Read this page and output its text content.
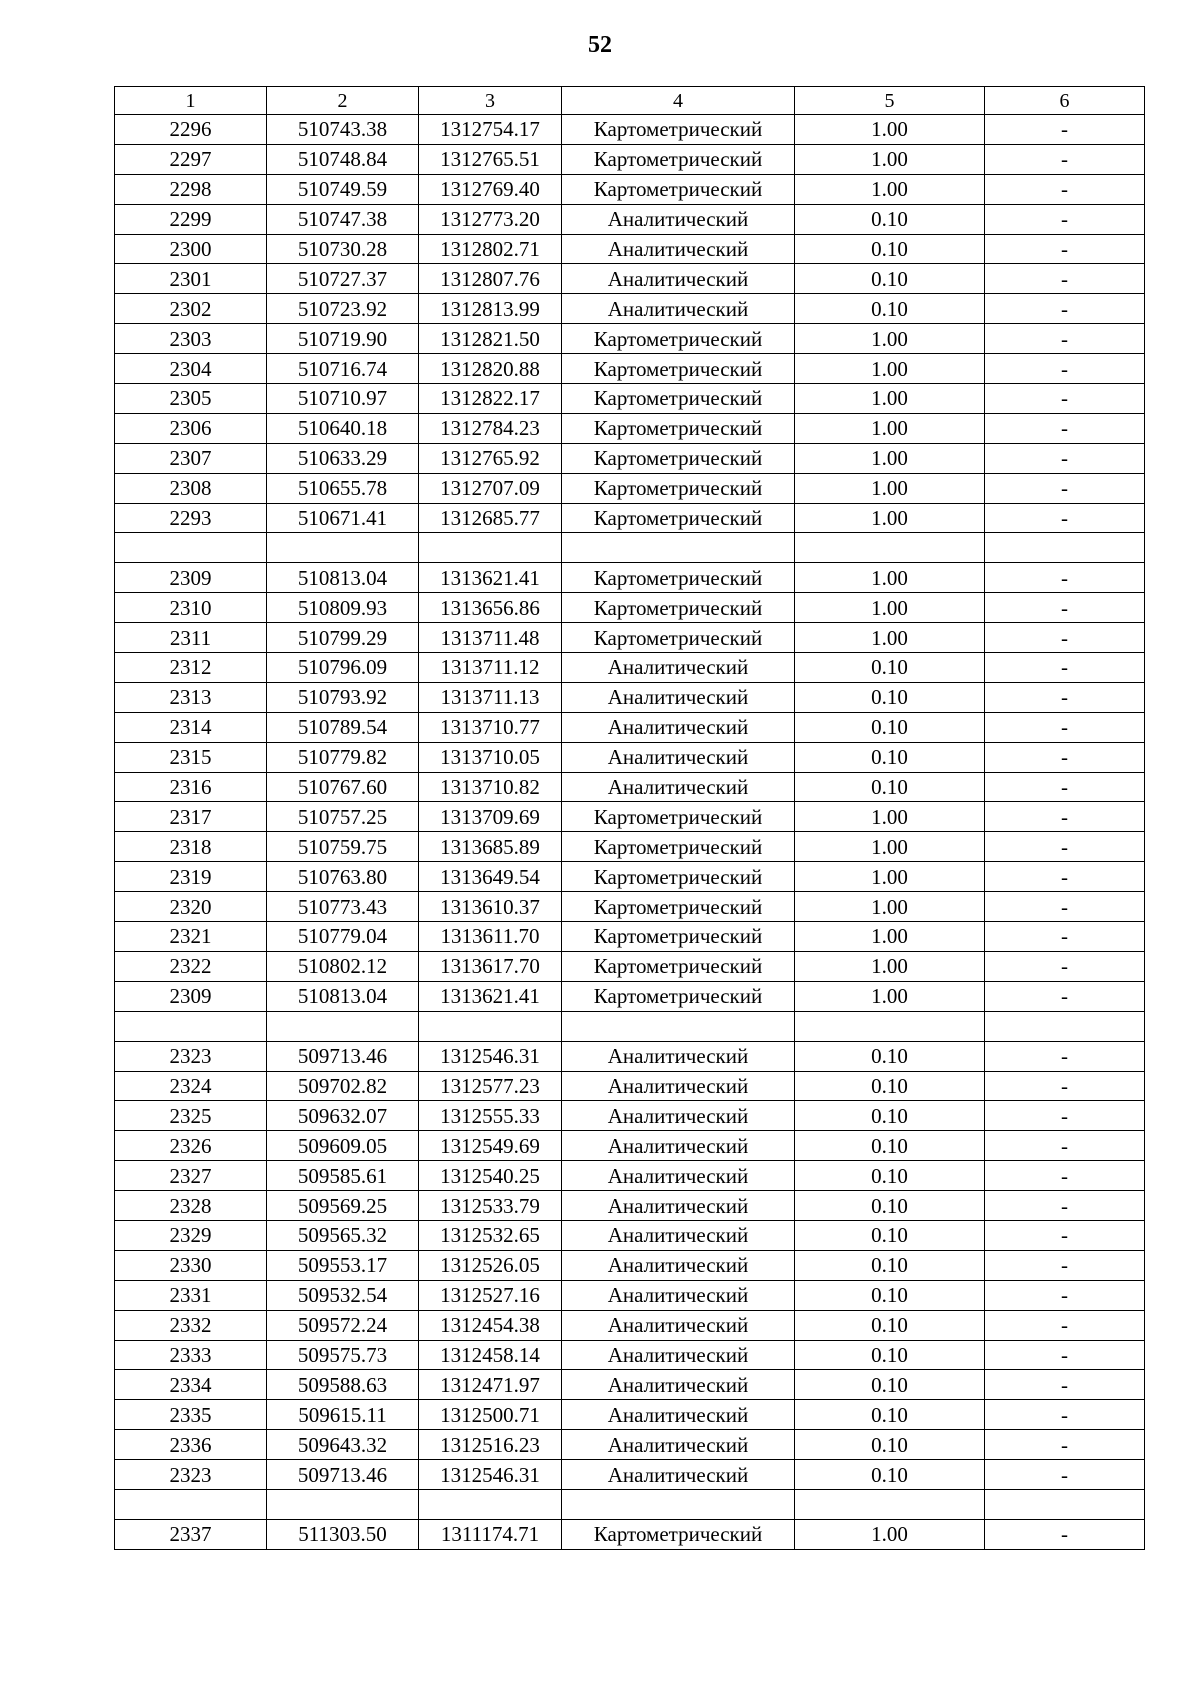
52
1	2	3	4	5	6
2296	510743.38	1312754.17	Картометрический	1.00	-
2297	510748.84	1312765.51	Картометрический	1.00	-
2298	510749.59	1312769.40	Картометрический	1.00	-
2299	510747.38	1312773.20	Аналитический	0.10	-
2300	510730.28	1312802.71	Аналитический	0.10	-
2301	510727.37	1312807.76	Аналитический	0.10	-
2302	510723.92	1312813.99	Аналитический	0.10	-
2303	510719.90	1312821.50	Картометрический	1.00	-
2304	510716.74	1312820.88	Картометрический	1.00	-
2305	510710.97	1312822.17	Картометрический	1.00	-
2306	510640.18	1312784.23	Картометрический	1.00	-
2307	510633.29	1312765.92	Картометрический	1.00	-
2308	510655.78	1312707.09	Картометрический	1.00	-
2293	510671.41	1312685.77	Картометрический	1.00	-

2309	510813.04	1313621.41	Картометрический	1.00	-
2310	510809.93	1313656.86	Картометрический	1.00	-
2311	510799.29	1313711.48	Картометрический	1.00	-
2312	510796.09	1313711.12	Аналитический	0.10	-
2313	510793.92	1313711.13	Аналитический	0.10	-
2314	510789.54	1313710.77	Аналитический	0.10	-
2315	510779.82	1313710.05	Аналитический	0.10	-
2316	510767.60	1313710.82	Аналитический	0.10	-
2317	510757.25	1313709.69	Картометрический	1.00	-
2318	510759.75	1313685.89	Картометрический	1.00	-
2319	510763.80	1313649.54	Картометрический	1.00	-
2320	510773.43	1313610.37	Картометрический	1.00	-
2321	510779.04	1313611.70	Картометрический	1.00	-
2322	510802.12	1313617.70	Картометрический	1.00	-
2309	510813.04	1313621.41	Картометрический	1.00	-

2323	509713.46	1312546.31	Аналитический	0.10	-
2324	509702.82	1312577.23	Аналитический	0.10	-
2325	509632.07	1312555.33	Аналитический	0.10	-
2326	509609.05	1312549.69	Аналитический	0.10	-
2327	509585.61	1312540.25	Аналитический	0.10	-
2328	509569.25	1312533.79	Аналитический	0.10	-
2329	509565.32	1312532.65	Аналитический	0.10	-
2330	509553.17	1312526.05	Аналитический	0.10	-
2331	509532.54	1312527.16	Аналитический	0.10	-
2332	509572.24	1312454.38	Аналитический	0.10	-
2333	509575.73	1312458.14	Аналитический	0.10	-
2334	509588.63	1312471.97	Аналитический	0.10	-
2335	509615.11	1312500.71	Аналитический	0.10	-
2336	509643.32	1312516.23	Аналитический	0.10	-
2323	509713.46	1312546.31	Аналитический	0.10	-

2337	511303.50	1311174.71	Картометрический	1.00	-
